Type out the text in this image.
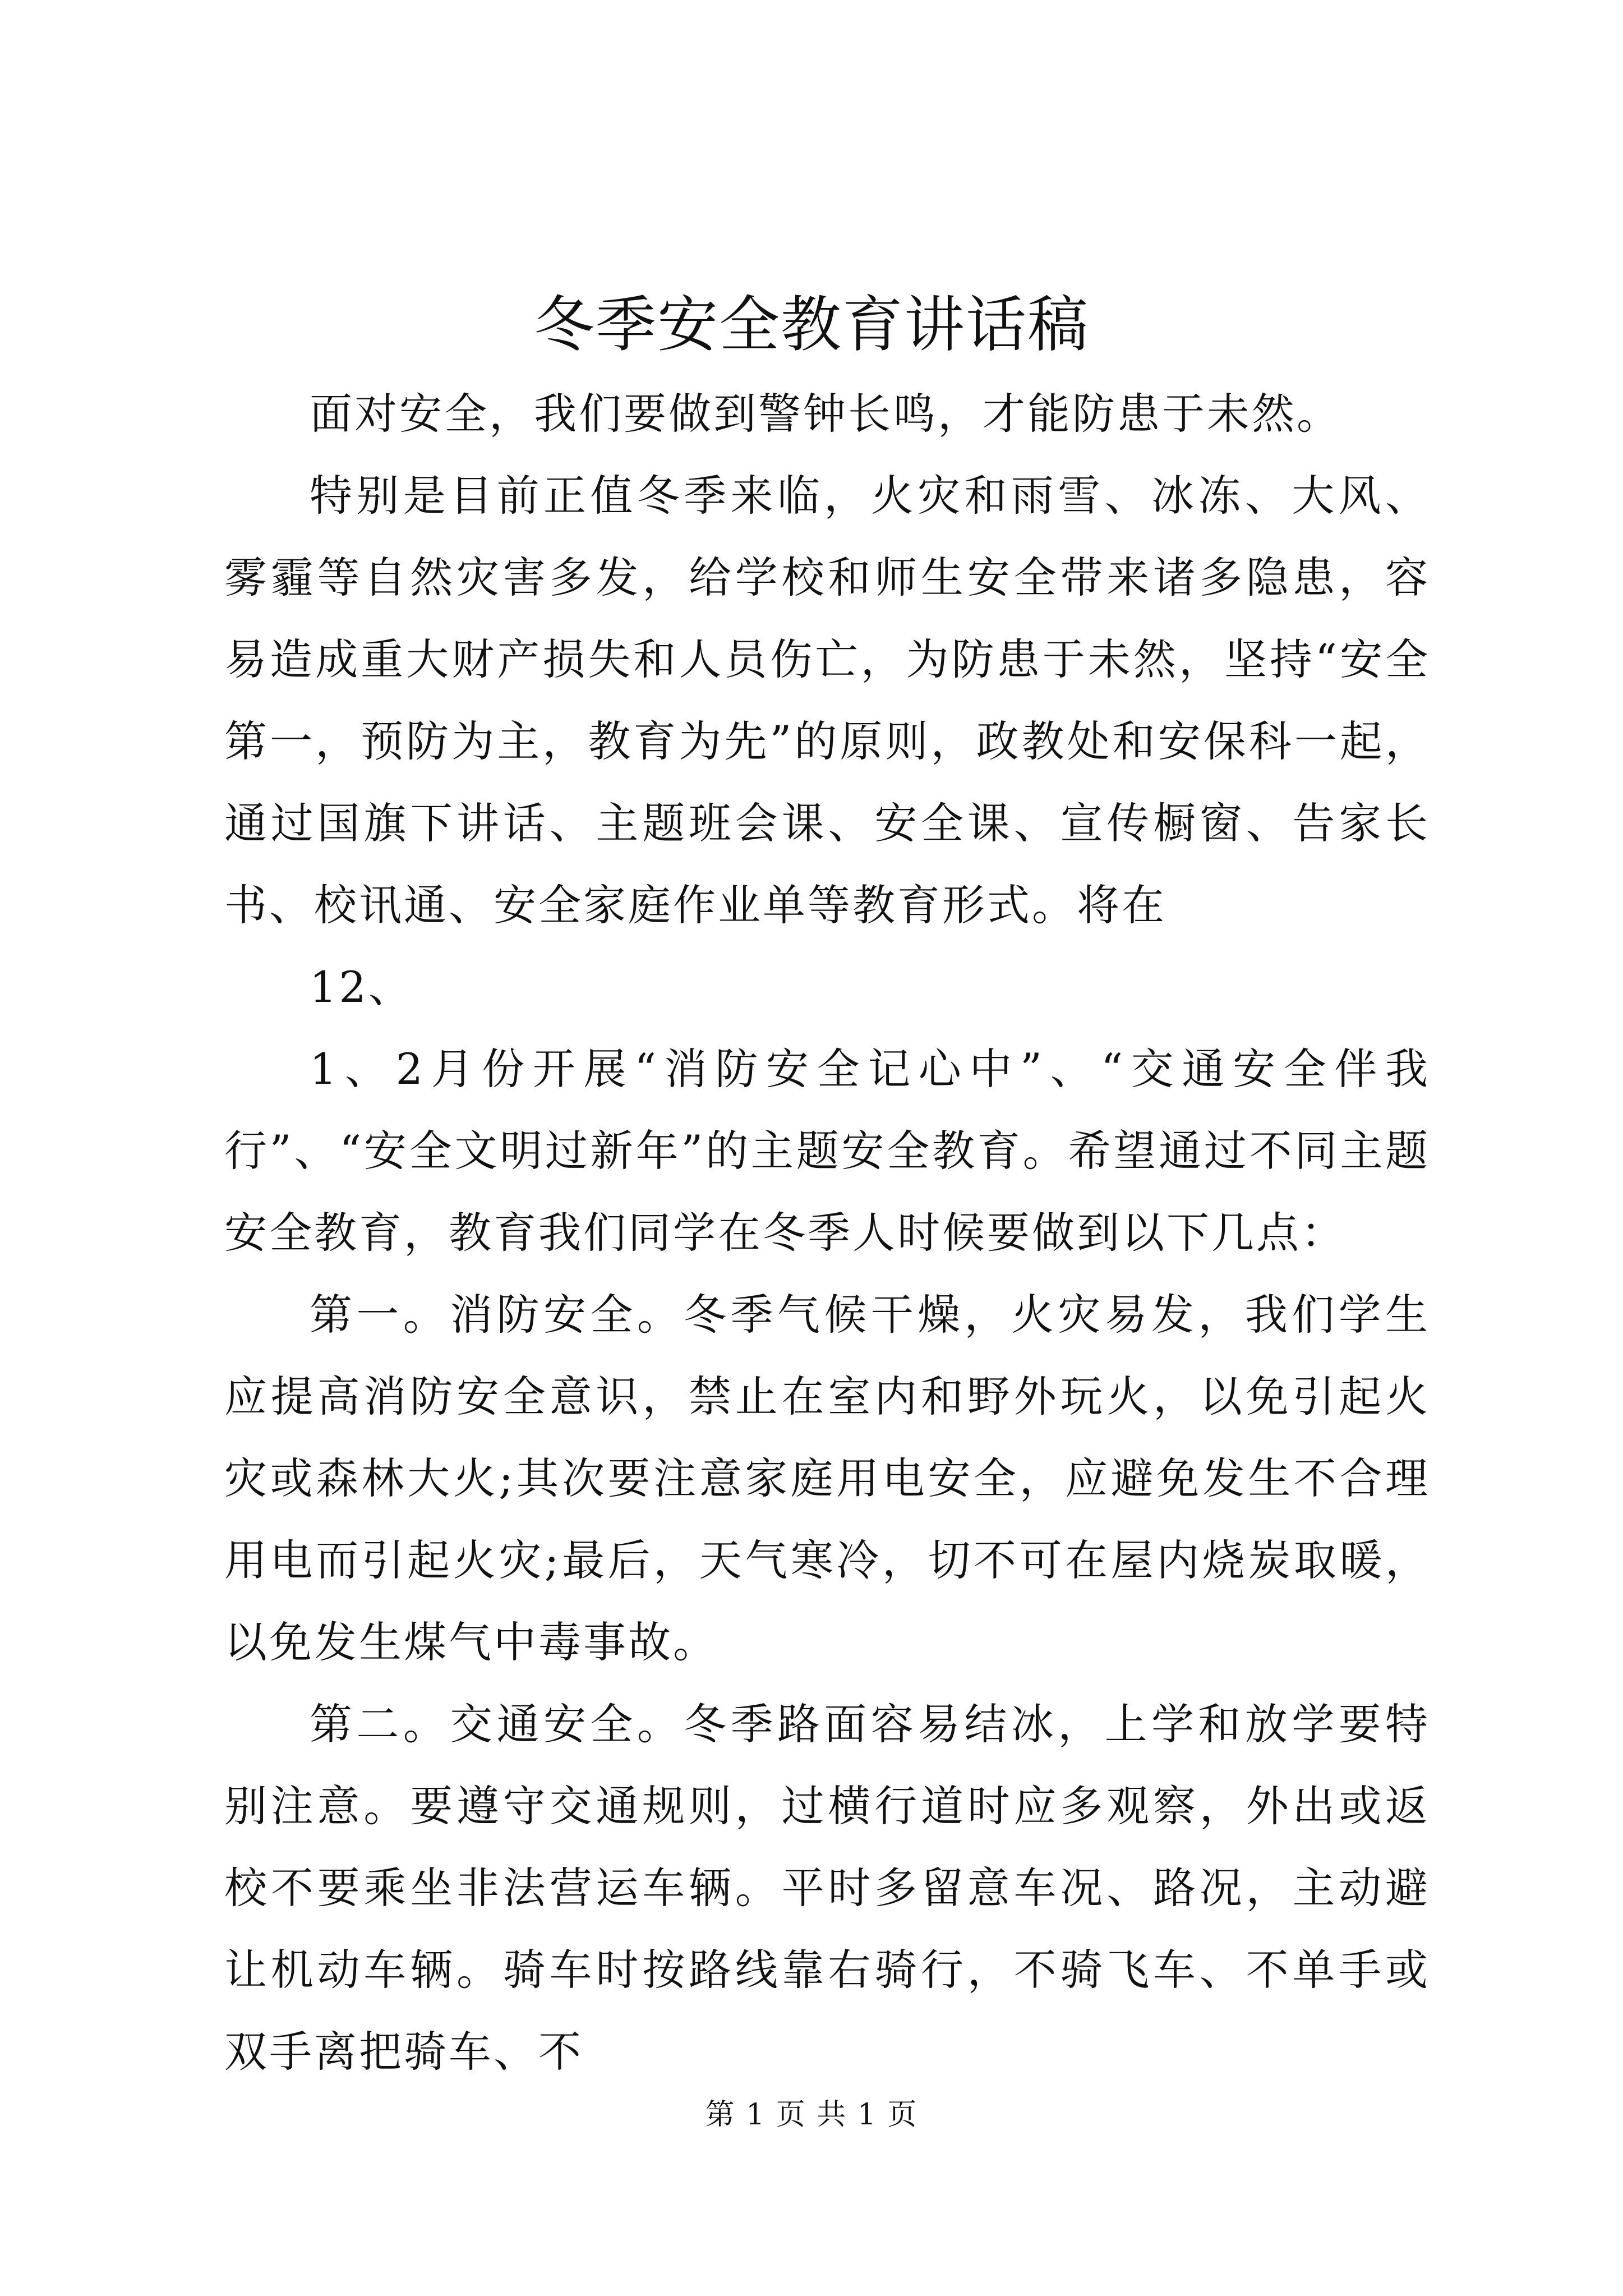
冬季安全教育讲话稿

面对安全，我们要做到警钟长鸣，才能防患于未然。

特别是目前正值冬季来临，火灾和雨雪、冰冻、大风、雾霾等自然灾害多发，给学校和师生安全带来诸多隐患，容易造成重大财产损失和人员伤亡，为防患于未然，坚持“安全第一，预防为主，教育为先”的原则，政教处和安保科一起，通过国旗下讲话、主题班会课、安全课、宣传橱窗、告家长书、校讯通、安全家庭作业单等教育形式。将在

12、

1、2月份开展“消防安全记心中”、“交通安全伴我行”、“安全文明过新年”的主题安全教育。希望通过不同主题安全教育，教育我们同学在冬季人时候要做到以下几点：

第一。消防安全。冬季气候干燥，火灾易发，我们学生应提高消防安全意识，禁止在室内和野外玩火，以免引起火灾或森林大火;其次要注意家庭用电安全，应避免发生不合理用电而引起火灾;最后，天气寒冷，切不可在屋内烧炭取暖，以免发生煤气中毒事故。

第二。交通安全。冬季路面容易结冰，上学和放学要特别注意。要遵守交通规则，过横行道时应多观察，外出或返校不要乘坐非法营运车辆。平时多留意车况、路况，主动避让机动车辆。骑车时按路线靠右骑行，不骑飞车、不单手或双手离把骑车、不

第 1 页 共 1 页
